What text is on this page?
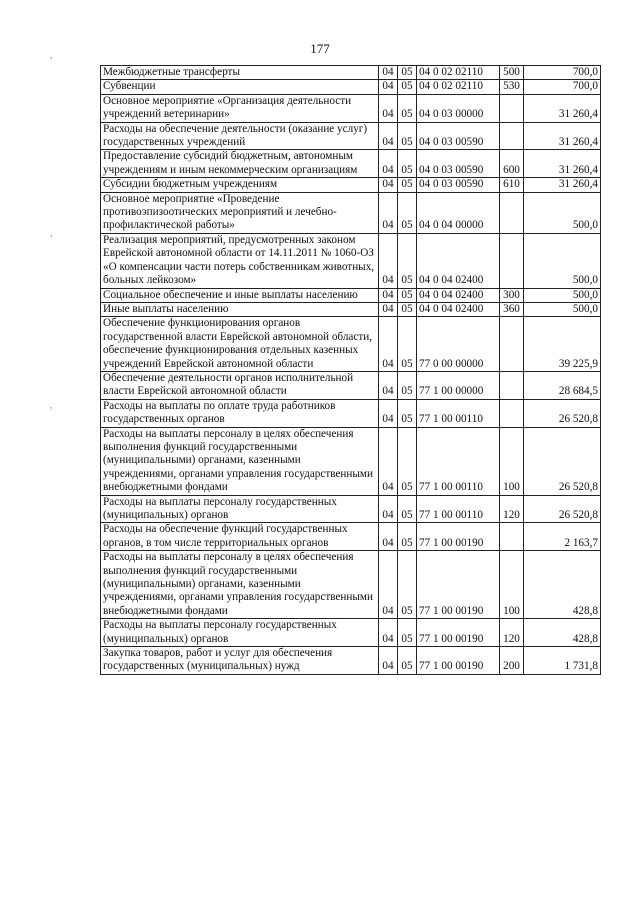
177
,
,
,
Межбюджетные трансферты	04	05	04 0 02 02110	500	700,0
Субвенции	04	05	04 0 02 02110	530	700,0
Основное мероприятие «Организация деятельности учреждений ветеринарии»	04	05	04 0 03 00000		31 260,4
Расходы на обеспечение деятельности (оказание услуг) государственных учреждений	04	05	04 0 03 00590		31 260,4
Предоставление субсидий бюджетным, автономным учреждениям и иным некоммерческим организациям	04	05	04 0 03 00590	600	31 260,4
Субсидии бюджетным учреждениям	04	05	04 0 03 00590	610	31 260,4
Основное мероприятие «Проведение противоэпизоотических мероприятий и лечебно-профилактической работы»	04	05	04 0 04 00000		500,0
Реализация мероприятий, предусмотренных законом Еврейской автономной области от 14.11.2011 № 1060-ОЗ «О компенсации части потерь собственникам животных, больных лейкозом»	04	05	04 0 04 02400		500,0
Социальное обеспечение и иные выплаты населению	04	05	04 0 04 02400	300	500,0
Иные выплаты населению	04	05	04 0 04 02400	360	500,0
Обеспечение функционирования органов государственной власти Еврейской автономной области, обеспечение функционирования отдельных казенных учреждений Еврейской автономной области	04	05	77 0 00 00000		39 225,9
Обеспечение деятельности органов исполнительной власти Еврейской автономной области	04	05	77 1 00 00000		28 684,5
Расходы на выплаты по оплате труда работников государственных органов	04	05	77 1 00 00110		26 520,8
Расходы на выплаты персоналу в целях обеспечения выполнения функций государственными (муниципальными) органами, казенными учреждениями, органами управления государственными внебюджетными фондами	04	05	77 1 00 00110	100	26 520,8
Расходы на выплаты персоналу государственных (муниципальных) органов	04	05	77 1 00 00110	120	26 520,8
Расходы на обеспечение функций государственных органов, в том числе территориальных органов	04	05	77 1 00 00190		2 163,7
Расходы на выплаты персоналу в целях обеспечения выполнения функций государственными (муниципальными) органами, казенными учреждениями, органами управления государственными внебюджетными фондами	04	05	77 1 00 00190	100	428,8
Расходы на выплаты персоналу государственных (муниципальных) органов	04	05	77 1 00 00190	120	428,8
Закупка товаров, работ и услуг для обеспечения государственных (муниципальных) нужд	04	05	77 1 00 00190	200	1 731,8
